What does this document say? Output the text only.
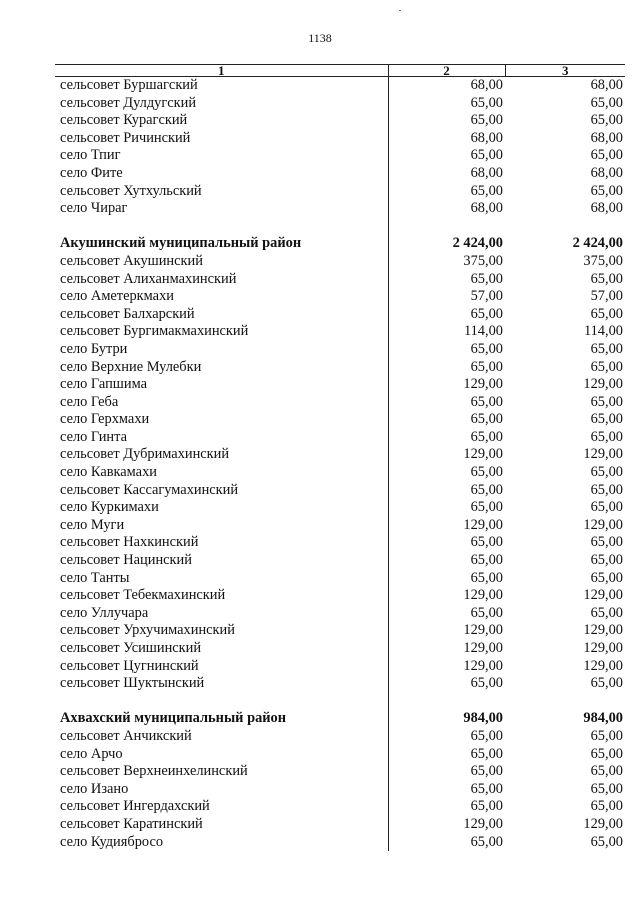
1138
1	2	3
сельсовет Буршагский	68,00	68,00
сельсовет Дулдугский	65,00	65,00
сельсовет Курагский	65,00	65,00
сельсовет Ричинский	68,00	68,00
село Тпиг	65,00	65,00
село Фите	68,00	68,00
сельсовет Хутхульский	65,00	65,00
село Чираг	68,00	68,00

Акушинский муниципальный район	2 424,00	2 424,00
сельсовет Акушинский	375,00	375,00
сельсовет Алиханмахинский	65,00	65,00
село Аметеркмахи	57,00	57,00
сельсовет Балхарский	65,00	65,00
сельсовет Бургимакмахинский	114,00	114,00
село Бутри	65,00	65,00
село Верхние Мулебки	65,00	65,00
село Гапшима	129,00	129,00
село Геба	65,00	65,00
село Герхмахи	65,00	65,00
село Гинта	65,00	65,00
сельсовет Дубримахинский	129,00	129,00
село Кавкамахи	65,00	65,00
сельсовет Кассагумахинский	65,00	65,00
село Куркимахи	65,00	65,00
село Муги	129,00	129,00
сельсовет Нахкинский	65,00	65,00
сельсовет Нацинский	65,00	65,00
село Танты	65,00	65,00
сельсовет Тебекмахинский	129,00	129,00
село Уллучара	65,00	65,00
сельсовет Урхучимахинский	129,00	129,00
сельсовет Усишинский	129,00	129,00
сельсовет Цугнинский	129,00	129,00
сельсовет Шуктынский	65,00	65,00

Ахвахский муниципальный район	984,00	984,00
сельсовет Анчикский	65,00	65,00
село Арчо	65,00	65,00
сельсовет Верхнеинхелинский	65,00	65,00
село Изано	65,00	65,00
сельсовет Ингердахский	65,00	65,00
сельсовет Каратинский	129,00	129,00
село Кудиябросо	65,00	65,00
